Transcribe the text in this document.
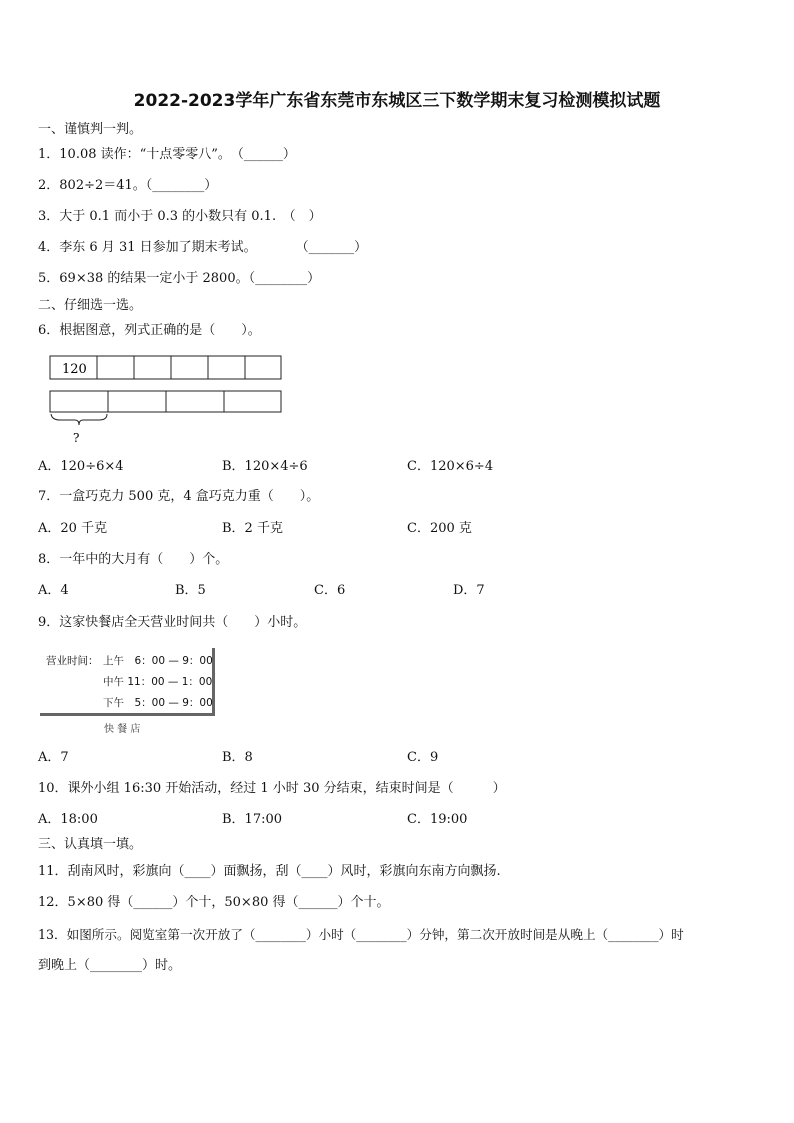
2022-2023学年广东省东莞市东城区三下数学期末复习检测模拟试题
一、谨慎判一判。
1．10.08 读作：“十点零零八”。　（______）
2．802÷2＝41。（________）
3．大于 0.1 而小于 0.3 的小数只有 0.1.　（　）
4．李东 6 月 31 日参加了期末考试。　　　　（_______）
5．69×38 的结果一定小于 2800。（________）
二、仔细选一选。
6．根据图意，列式正确的是（　　）。
120
?
A．120÷6×4	B．120×4÷6	C．120×6÷4
7．一盒巧克力 500 克，4 盒巧克力重（　　）。
A．20 千克	B．2 千克	C．200 克
8．一年中的大月有（　　）个。
A．4	B．5	C．6	D．7
9．这家快餐店全天营业时间共（　　）小时。
营业时间： 上午　6：00 — 9：00
中午 11：00 — 1：00
下午　5：00 — 9：00
快 餐 店
A．7	B．8	C．9
10．课外小组 16:30 开始活动，经过 1 小时 30 分结束，结束时间是（　　　）
A．18:00	B．17:00	C．19:00
三、认真填一填。
11．刮南风时，彩旗向（____）面飘扬，刮（____）风时，彩旗向东南方向飘扬.
12．5×80 得（______）个十，50×80 得（______）个十。
13．如图所示。阅览室第一次开放了（________）小时（________）分钟，第二次开放时间是从晚上（________）时
到晚上（________）时。
